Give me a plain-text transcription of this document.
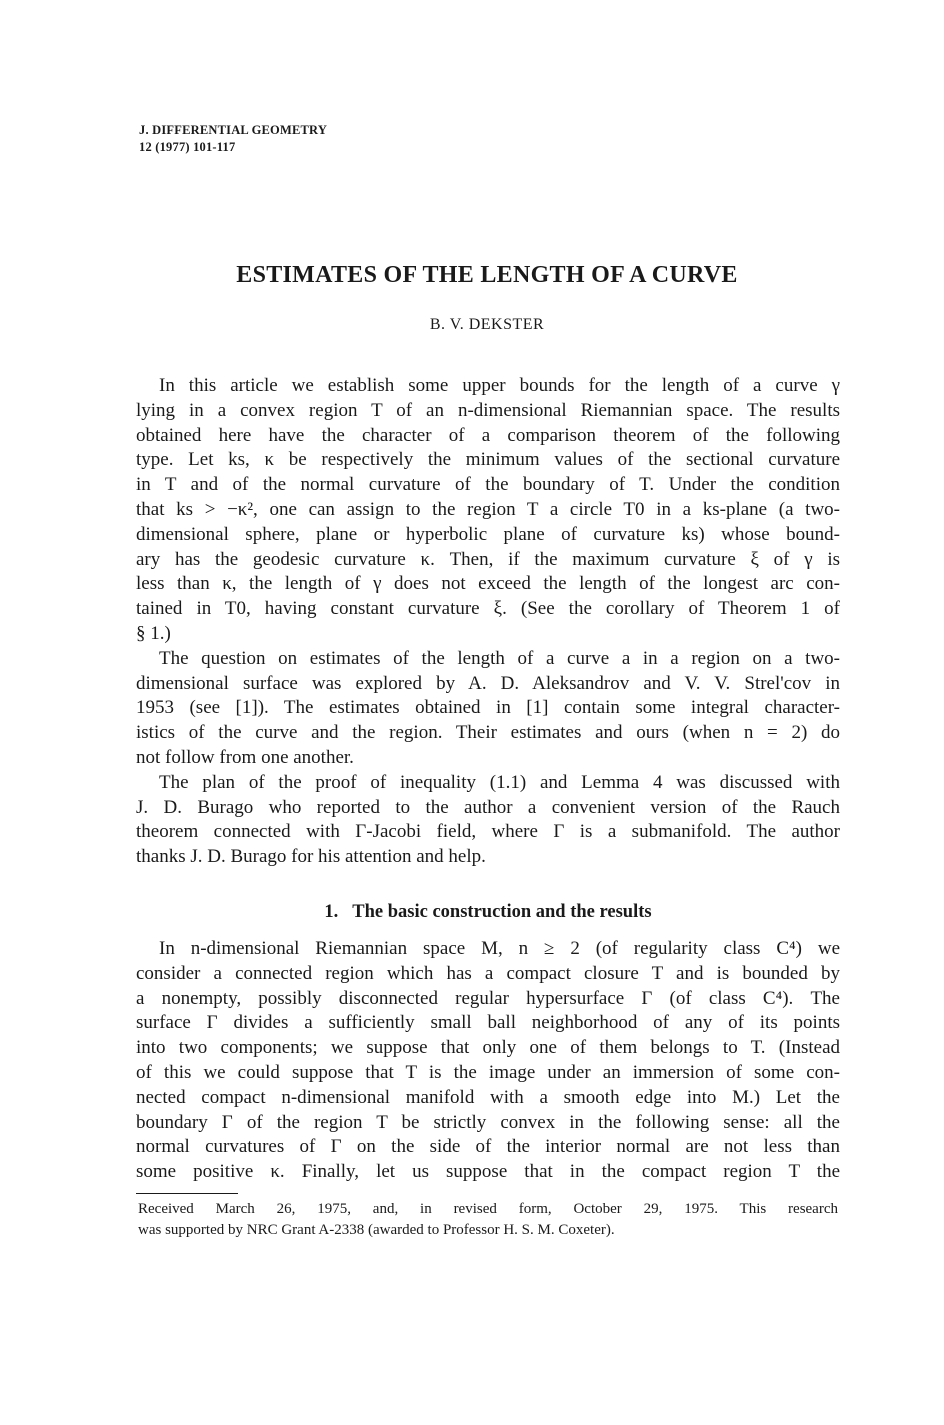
J. DIFFERENTIAL GEOMETRY
12 (1977) 101-117
ESTIMATES OF THE LENGTH OF A CURVE
B. V. DEKSTER
In this article we establish some upper bounds for the length of a curve γ
lying in a convex region T of an n-dimensional Riemannian space. The results
obtained here have the character of a comparison theorem of the following
type. Let ks, κ be respectively the minimum values of the sectional curvature
in T and of the normal curvature of the boundary of T. Under the condition
that ks > −κ², one can assign to the region T a circle T0 in a ks-plane (a two-
dimensional sphere, plane or hyperbolic plane of curvature ks) whose bound-
ary has the geodesic curvature κ. Then, if the maximum curvature ξ of γ is
less than κ, the length of γ does not exceed the length of the longest arc con-
tained in T0, having constant curvature ξ. (See the corollary of Theorem 1 of
§ 1.)
The question on estimates of the length of a curve a in a region on a two-
dimensional surface was explored by A. D. Aleksandrov and V. V. Strel'cov in
1953 (see [1]). The estimates obtained in [1] contain some integral character-
istics of the curve and the region. Their estimates and ours (when n = 2) do
not follow from one another.
The plan of the proof of inequality (1.1) and Lemma 4 was discussed with
J. D. Burago who reported to the author a convenient version of the Rauch
theorem connected with Γ-Jacobi field, where Γ is a submanifold. The author
thanks J. D. Burago for his attention and help.
1. The basic construction and the results
In n-dimensional Riemannian space M, n ≥ 2 (of regularity class C⁴) we
consider a connected region which has a compact closure T and is bounded by
a nonempty, possibly disconnected regular hypersurface Γ (of class C⁴). The
surface Γ divides a sufficiently small ball neighborhood of any of its points
into two components; we suppose that only one of them belongs to T. (Instead
of this we could suppose that T is the image under an immersion of some con-
nected compact n-dimensional manifold with a smooth edge into M.) Let the
boundary Γ of the region T be strictly convex in the following sense: all the
normal curvatures of Γ on the side of the interior normal are not less than
some positive κ. Finally, let us suppose that in the compact region T the
Received March 26, 1975, and, in revised form, October 29, 1975. This research
was supported by NRC Grant A-2338 (awarded to Professor H. S. M. Coxeter).
